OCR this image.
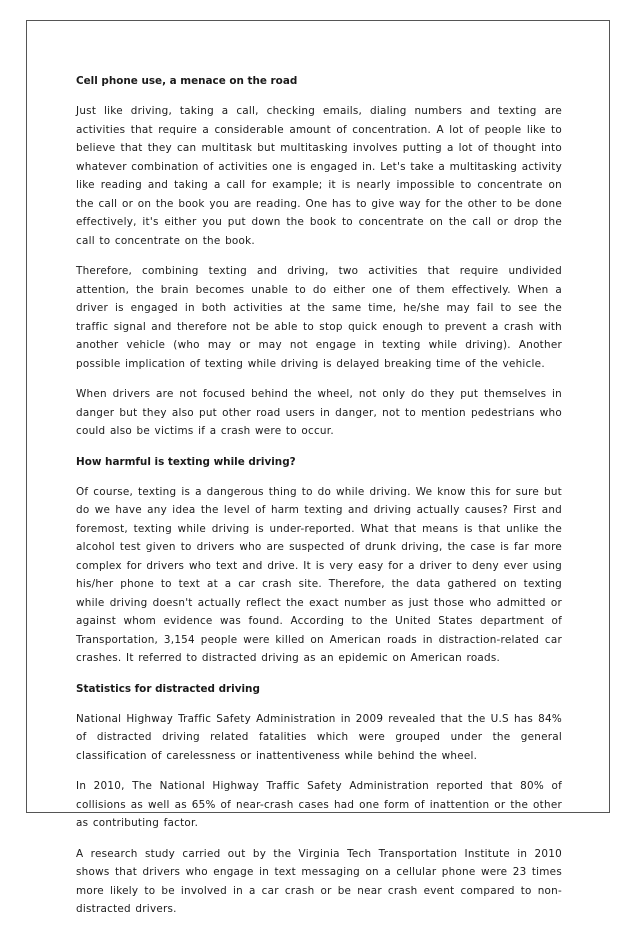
Cell phone use, a menace on the road

Just like driving, taking a call, checking emails, dialing numbers and texting are activities that require a considerable amount of concentration. A lot of people like to believe that they can multitask but multitasking involves putting a lot of thought into whatever combination of activities one is engaged in. Let's take a multitasking activity like reading and taking a call for example; it is nearly impossible to concentrate on the call or on the book you are reading. One has to give way for the other to be done effectively, it's either you put down the book to concentrate on the call or drop the call to concentrate on the book.

Therefore, combining texting and driving, two activities that require undivided attention, the brain becomes unable to do either one of them effectively. When a driver is engaged in both activities at the same time, he/she may fail to see the traffic signal and therefore not be able to stop quick enough to prevent a crash with another vehicle (who may or may not engage in texting while driving). Another possible implication of texting while driving is delayed breaking time of the vehicle.

When drivers are not focused behind the wheel, not only do they put themselves in danger but they also put other road users in danger, not to mention pedestrians who could also be victims if a crash were to occur.

How harmful is texting while driving?

Of course, texting is a dangerous thing to do while driving. We know this for sure but do we have any idea the level of harm texting and driving actually causes? First and foremost, texting while driving is under-reported. What that means is that unlike the alcohol test given to drivers who are suspected of drunk driving, the case is far more complex for drivers who text and drive. It is very easy for a driver to deny ever using his/her phone to text at a car crash site. Therefore, the data gathered on texting while driving doesn't actually reflect the exact number as just those who admitted or against whom evidence was found. According to the United States department of Transportation, 3,154 people were killed on American roads in distraction-related car crashes. It referred to distracted driving as an epidemic on American roads.

Statistics for distracted driving

National Highway Traffic Safety Administration in 2009 revealed that the U.S has 84% of distracted driving related fatalities which were grouped under the general classification of carelessness or inattentiveness while behind the wheel.

In 2010, The National Highway Traffic Safety Administration reported that 80% of collisions as well as 65% of near-crash cases had one form of inattention or the other as contributing factor.

A research study carried out by the Virginia Tech Transportation Institute in 2010 shows that drivers who engage in text messaging on a cellular phone were 23 times more likely to be involved in a car crash or be near crash event compared to non-distracted drivers.
